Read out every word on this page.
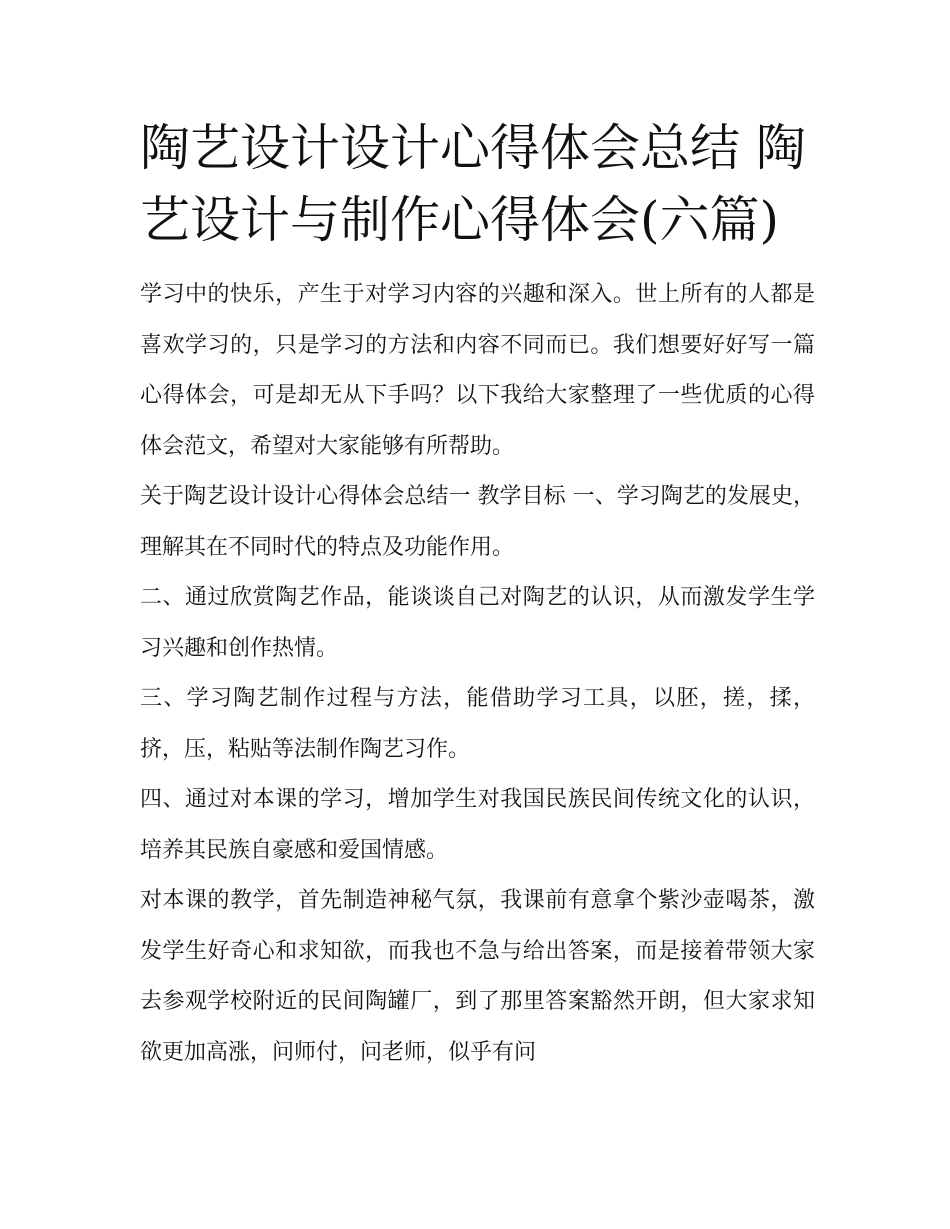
陶艺设计设计心得体会总结 陶艺设计与制作心得体会(六篇)

学习中的快乐，产生于对学习内容的兴趣和深入。世上所有的人都是喜欢学习的，只是学习的方法和内容不同而已。我们想要好好写一篇心得体会，可是却无从下手吗？以下我给大家整理了一些优质的心得体会范文，希望对大家能够有所帮助。

关于陶艺设计设计心得体会总结一 教学目标 一、学习陶艺的发展史，理解其在不同时代的特点及功能作用。

二、通过欣赏陶艺作品，能谈谈自己对陶艺的认识，从而激发学生学习兴趣和创作热情。

三、学习陶艺制作过程与方法，能借助学习工具，以胚，搓，揉，挤，压，粘贴等法制作陶艺习作。

四、通过对本课的学习，增加学生对我国民族民间传统文化的认识，培养其民族自豪感和爱国情感。

对本课的教学，首先制造神秘气氛，我课前有意拿个紫沙壶喝茶，激发学生好奇心和求知欲，而我也不急与给出答案，而是接着带领大家去参观学校附近的民间陶罐厂，到了那里答案豁然开朗，但大家求知欲更加高涨，问师付，问老师，似乎有问
